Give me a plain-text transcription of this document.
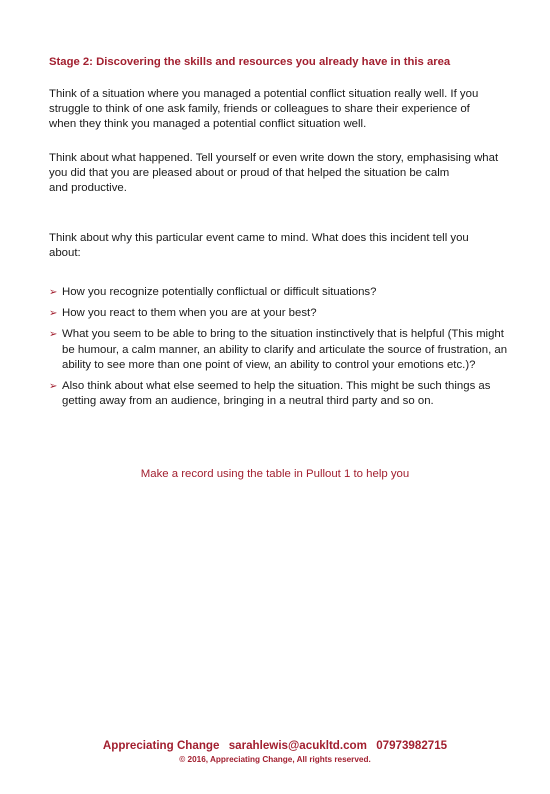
Stage 2: Discovering the skills and resources you already have in this area

Think of a situation where you managed a potential conflict situation really well. If you struggle to think of one ask family, friends or colleagues to share their experience of when they think you managed a potential conflict situation well.

Think about what happened. Tell yourself or even write down the story, emphasising what you did that you are pleased about or proud of that helped the situation be calm
and productive.

Think about why this particular event came to mind. What does this incident tell you about:

➢ How you recognize potentially conflictual or difficult situations?
➢ How you react to them when you are at your best?
➢ What you seem to be able to bring to the situation instinctively that is helpful (This might be humour, a calm manner, an ability to clarify and articulate the source of frustration, an ability to see more than one point of view, an ability to control your emotions etc.)?
➢ Also think about what else seemed to help the situation. This might be such things as getting away from an audience, bringing in a neutral third party and so on.
Make a record using the table in Pullout 1 to help you
Appreciating Change sarahlewis@acukltd.com 07973982715
© 2016, Appreciating Change, All rights reserved.
